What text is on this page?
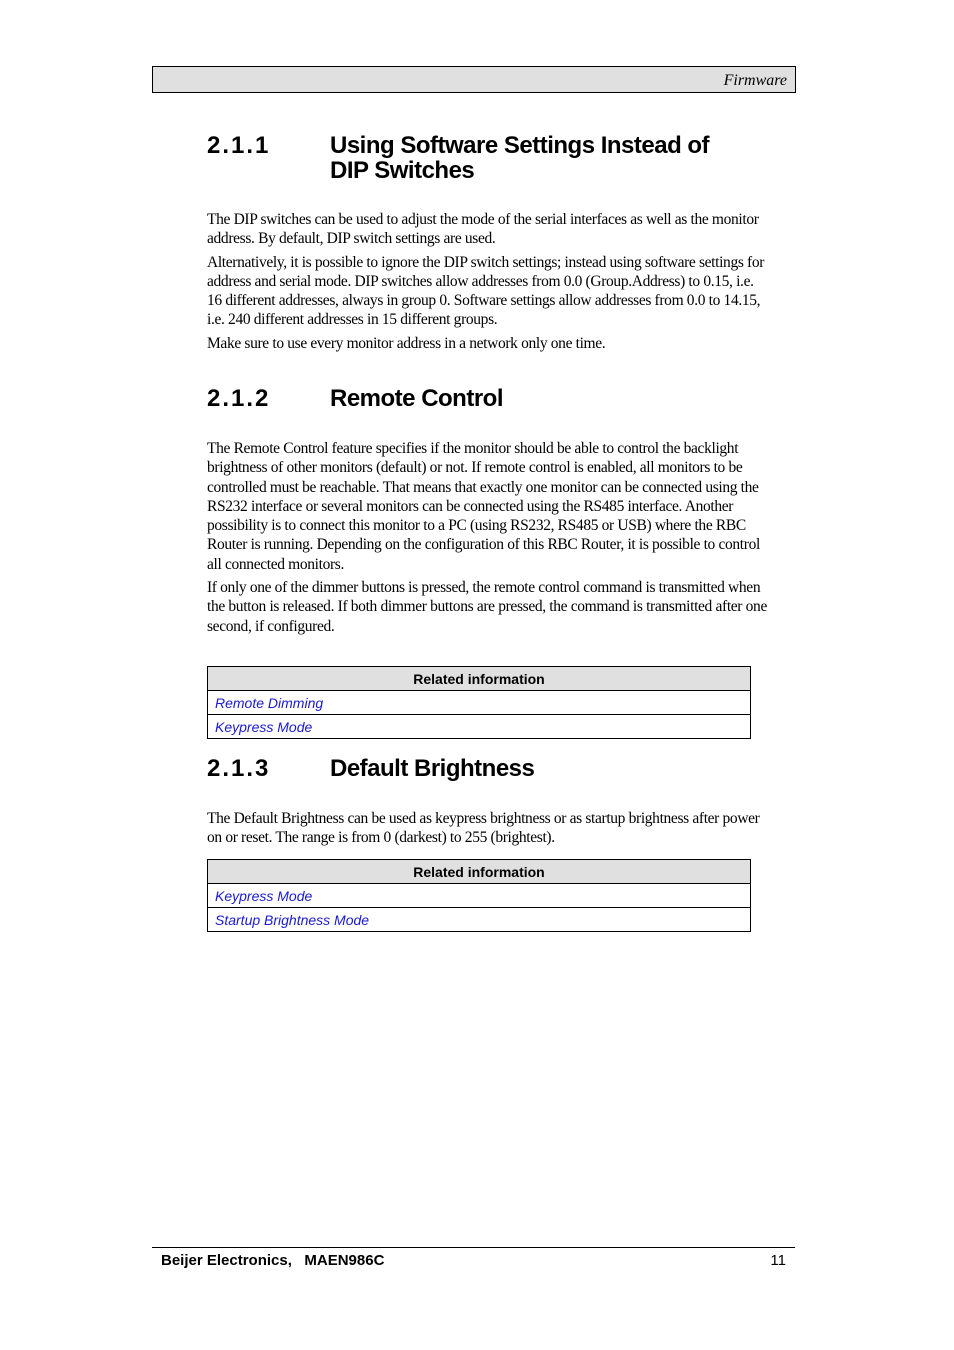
Firmware
2.1.1 Using Software Settings Instead of
DIP Switches

The DIP switches can be used to adjust the mode of the serial interfaces as well as the monitor address. By default, DIP switch settings are used.

Alternatively, it is possible to ignore the DIP switch settings; instead using software settings for address and serial mode. DIP switches allow addresses from 0.0 (Group.Address) to 0.15, i.e. 16 different addresses, always in group 0. Software settings allow addresses from 0.0 to 14.15, i.e. 240 different addresses in 15 different groups.

Make sure to use every monitor address in a network only one time.

2.1.2 Remote Control

The Remote Control feature specifies if the monitor should be able to control the backlight brightness of other monitors (default) or not. If remote control is enabled, all monitors to be controlled must be reachable. That means that exactly one monitor can be connected using the RS232 interface or several monitors can be connected using the RS485 interface. Another possibility is to connect this monitor to a PC (using RS232, RS485 or USB) where the RBC Router is running. Depending on the configuration of this RBC Router, it is possible to control all connected monitors.

If only one of the dimmer buttons is pressed, the remote control command is transmitted when the button is released. If both dimmer buttons are pressed, the command is transmitted after one second, if configured.

Related information
Remote Dimming
Keypress Mode
2.1.3 Default Brightness

The Default Brightness can be used as keypress brightness or as startup brightness after power on or reset. The range is from 0 (darkest) to 255 (brightest).

Related information
Keypress Mode
Startup Brightness Mode
Beijer Electronics,   MAEN986C	11
